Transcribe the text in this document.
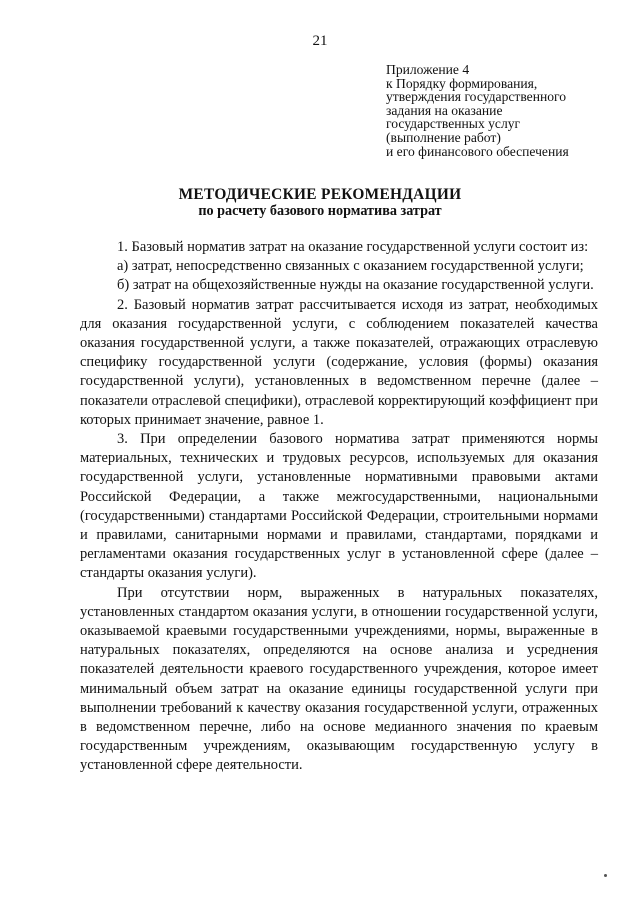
21
Приложение 4
к Порядку формирования,
утверждения государственного
задания на оказание
государственных услуг
(выполнение работ)
и его финансового обеспечения
МЕТОДИЧЕСКИЕ РЕКОМЕНДАЦИИ
по расчету базового норматива затрат

1. Базовый норматив затрат на оказание государственной услуги состоит из:

а) затрат, непосредственно связанных с оказанием государственной услуги;

б) затрат на общехозяйственные нужды на оказание государственной услуги.

2. Базовый норматив затрат рассчитывается исходя из затрат, необходимых для оказания государственной услуги, с соблюдением показателей качества оказания государственной услуги, а также показателей, отражающих отраслевую специфику государственной услуги (содержание, условия (формы) оказания государственной услуги), установленных в ведомственном перечне (далее – показатели отраслевой специфики), отраслевой корректирующий коэффициент при которых принимает значение, равное 1.

3. При определении базового норматива затрат применяются нормы материальных, технических и трудовых ресурсов, используемых для оказания государственной услуги, установленные нормативными правовыми актами Российской Федерации, а также межгосударственными, национальными (государственными) стандартами Российской Федерации, строительными нормами и правилами, санитарными нормами и правилами, стандартами, порядками и регламентами оказания государственных услуг в установленной сфере (далее – стандарты оказания услуги).

При отсутствии норм, выраженных в натуральных показателях, установленных стандартом оказания услуги, в отношении государственной услуги, оказываемой краевыми государственными учреждениями, нормы, выраженные в натуральных показателях, определяются на основе анализа и усреднения показателей деятельности краевого государственного учреждения, которое имеет минимальный объем затрат на оказание единицы государственной услуги при выполнении требований к качеству оказания государственной услуги, отраженных в ведомственном перечне, либо на основе медианного значения по краевым государственным учреждениям, оказывающим государственную услугу в установленной сфере деятельности.
